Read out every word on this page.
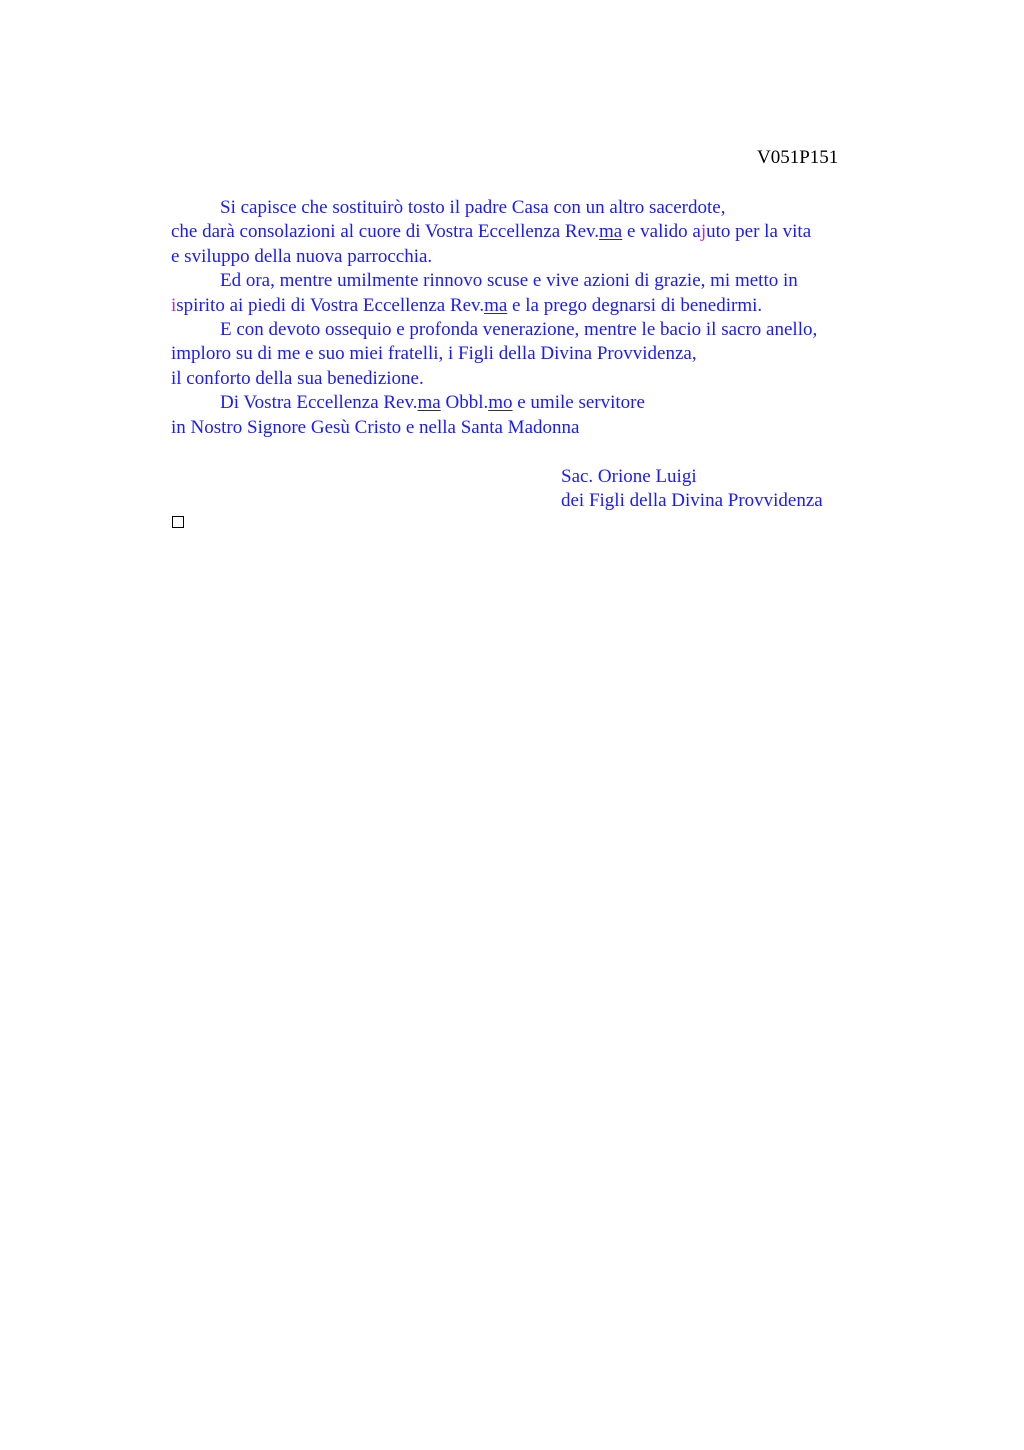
V051P151
Si capisce che sostituirò tosto il padre Casa con un altro sacerdote,
che darà consolazioni al cuore di Vostra Eccellenza Rev.ma e valido ajuto per la vita
e sviluppo della nuova parrocchia.
Ed ora, mentre umilmente rinnovo scuse e vive azioni di grazie, mi metto in
ispirito ai piedi di Vostra Eccellenza Rev.ma e la prego degnarsi di benedirmi.
E con devoto ossequio e profonda venerazione, mentre le bacio il sacro anello,
imploro su di me e suo miei fratelli, i Figli della Divina Provvidenza,
il conforto della sua benedizione.
Di Vostra Eccellenza Rev.ma Obbl.mo e umile servitore
in Nostro Signore Gesù Cristo e nella Santa Madonna
Sac. Orione Luigi
dei Figli della Divina Provvidenza
